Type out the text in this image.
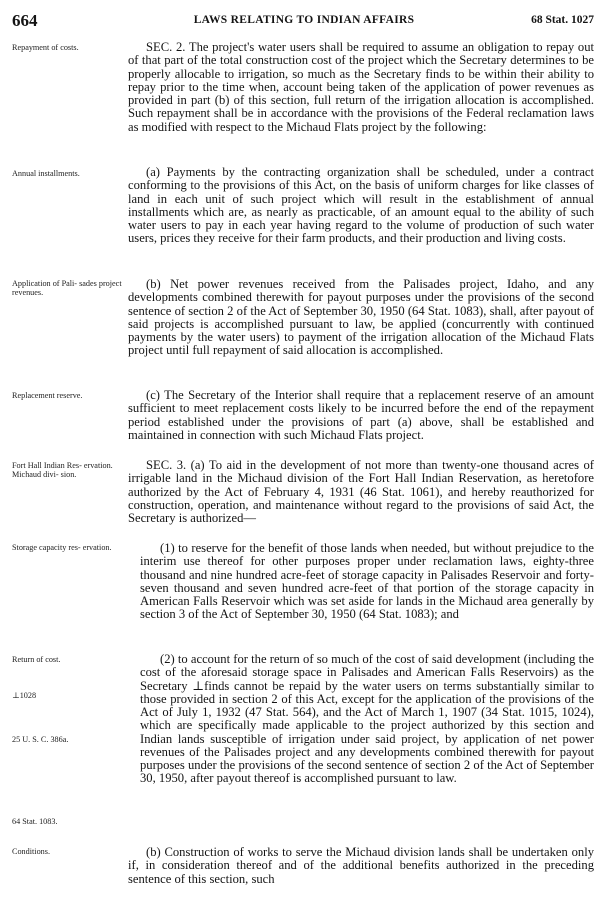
664	LAWS RELATING TO INDIAN AFFAIRS	68 Stat. 1027
Repayment of costs.
Annual installments.
Application of Pali- sades project revenues.
Replacement reserve.
Fort Hall Indian Res- ervation. Michaud divi- sion.
Storage capacity res- ervation.
Return of cost.
⊥1028
25 U. S. C. 386a.
64 Stat. 1083.
Conditions.

SEC. 2. The project's water users shall be required to assume an obligation to repay out of that part of the total construction cost of the project which the Secretary determines to be properly allocable to irrigation, so much as the Secretary finds to be within their ability to repay prior to the time when, account being taken of the application of power revenues as provided in part (b) of this section, full return of the irrigation allocation is accomplished. Such repayment shall be in accordance with the provisions of the Federal reclamation laws as modified with respect to the Michaud Flats project by the following:

(a) Payments by the contracting organization shall be scheduled, under a contract conforming to the provisions of this Act, on the basis of uniform charges for like classes of land in each unit of such project which will result in the establishment of annual installments which are, as nearly as practicable, of an amount equal to the ability of such water users to pay in each year having regard to the volume of production of such water users, prices they receive for their farm products, and their production and living costs.

(b) Net power revenues received from the Palisades project, Idaho, and any developments combined therewith for payout purposes under the provisions of the second sentence of section 2 of the Act of September 30, 1950 (64 Stat. 1083), shall, after payout of said projects is accomplished pursuant to law, be applied (concurrently with continued payments by the water users) to payment of the irrigation allocation of the Michaud Flats project until full repayment of said allocation is accomplished.

(c) The Secretary of the Interior shall require that a replacement reserve of an amount sufficient to meet replacement costs likely to be incurred before the end of the repayment period established under the provisions of part (a) above, shall be established and maintained in connection with such Michaud Flats project.

SEC. 3. (a) To aid in the development of not more than twenty-one thousand acres of irrigable land in the Michaud division of the Fort Hall Indian Reservation, as heretofore authorized by the Act of February 4, 1931 (46 Stat. 1061), and hereby reauthorized for construction, operation, and maintenance without regard to the provisions of said Act, the Secretary is authorized—

(1) to reserve for the benefit of those lands when needed, but without prejudice to the interim use thereof for other purposes proper under reclamation laws, eighty-three thousand and nine hundred acre-feet of storage capacity in Palisades Reservoir and forty-seven thousand and seven hundred acre-feet of that portion of the storage capacity in American Falls Reservoir which was set aside for lands in the Michaud area generally by section 3 of the Act of September 30, 1950 (64 Stat. 1083); and

(2) to account for the return of so much of the cost of said development (including the cost of the aforesaid storage space in Palisades and American Falls Reservoirs) as the Secretary ⊥finds cannot be repaid by the water users on terms substantially similar to those provided in section 2 of this Act, except for the application of the provisions of the Act of July 1, 1932 (47 Stat. 564), and the Act of March 1, 1907 (34 Stat. 1015, 1024), which are specifically made applicable to the project authorized by this section and Indian lands susceptible of irrigation under said project, by application of net power revenues of the Palisades project and any developments combined therewith for payout purposes under the provisions of the second sentence of section 2 of the Act of September 30, 1950, after payout thereof is accomplished pursuant to law.

(b) Construction of works to serve the Michaud division lands shall be undertaken only if, in consideration thereof and of the additional benefits authorized in the preceding sentence of this section, such
